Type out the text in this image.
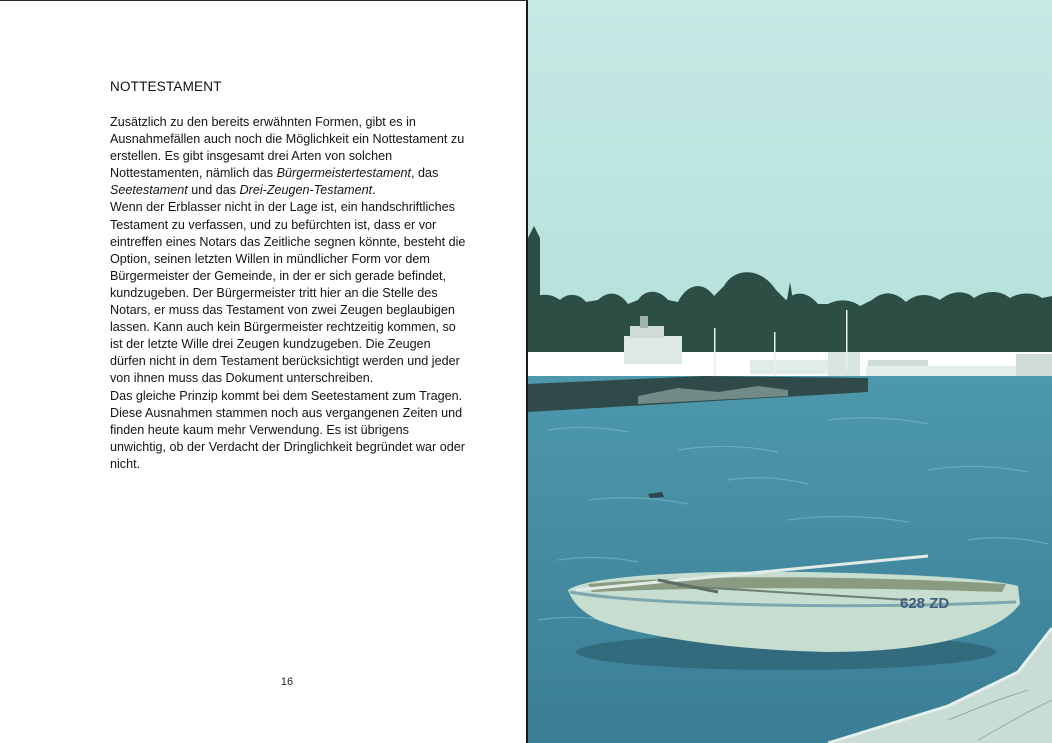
NOTTESTAMENT

Zusätzlich zu den bereits erwähnten Formen, gibt es in Ausnahmefällen auch noch die Möglichkeit ein Nottestament zu erstellen. Es gibt insgesamt drei Arten von solchen Nottestamenten, nämlich das Bürgermeistertestament, das Seetestament und das Drei-Zeugen-Testament.

Wenn der Erblasser nicht in der Lage ist, ein handschriftliches Testament zu verfassen, und zu befürchten ist, dass er vor eintreffen eines Notars das Zeitliche segnen könnte, besteht die Option, seinen letzten Willen in mündlicher Form vor dem Bürgermeister der Gemeinde, in der er sich gerade befindet, kundzugeben. Der Bürgermeister tritt hier an die Stelle des Notars, er muss das Testament von zwei Zeugen beglaubigen lassen. Kann auch kein Bürgermeister rechtzeitig kommen, so ist der letzte Wille drei Zeugen kundzugeben. Die Zeugen dürfen nicht in dem Testament berücksichtigt werden und jeder von ihnen muss das Dokument unterschreiben.

Das gleiche Prinzip kommt bei dem Seetestament zum Tragen. Diese Ausnahmen stammen noch aus vergangenen Zeiten und finden heute kaum mehr Verwendung. Es ist übrigens unwichtig, ob der Verdacht der Dringlichkeit begründet war oder nicht.

16
628 ZD
